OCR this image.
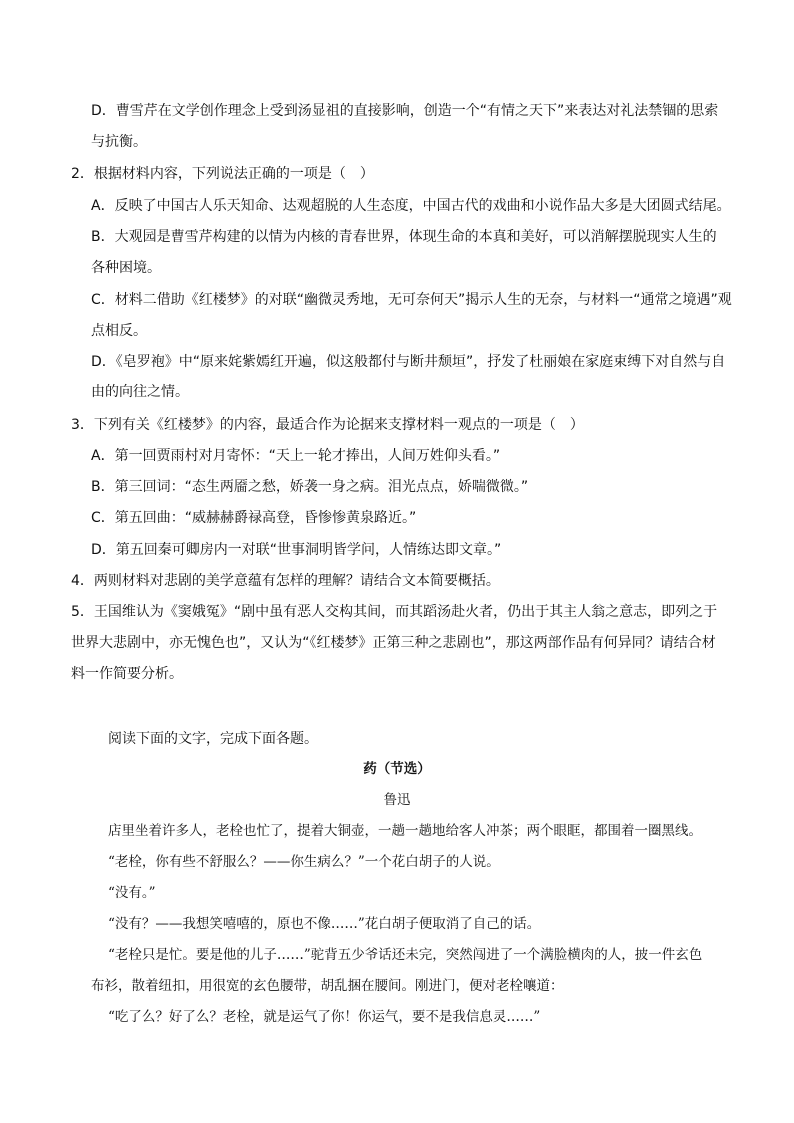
D．曹雪芹在文学创作理念上受到汤显祖的直接影响，创造一个“有情之天下”来表达对礼法禁锢的思索
与抗衡。
2．根据材料内容，下列说法正确的一项是（　）
A．反映了中国古人乐天知命、达观超脱的人生态度，中国古代的戏曲和小说作品大多是大团圆式结尾。
B．大观园是曹雪芹构建的以情为内核的青春世界，体现生命的本真和美好，可以消解摆脱现实人生的
各种困境。
C．材料二借助《红楼梦》的对联“幽微灵秀地，无可奈何天”揭示人生的无奈，与材料一“通常之境遇”观
点相反。
D．《皂罗袍》中“原来姹紫嫣红开遍，似这般都付与断井颓垣”，抒发了杜丽娘在家庭束缚下对自然与自
由的向往之情。
3．下列有关《红楼梦》的内容，最适合作为论据来支撑材料一观点的一项是（　）
A．第一回贾雨村对月寄怀：“天上一轮才捧出，人间万姓仰头看。”
B．第三回词：“态生两靥之愁，娇袭一身之病。泪光点点，娇喘微微。”
C．第五回曲：“威赫赫爵禄高登，昏惨惨黄泉路近。”
D．第五回秦可卿房内一对联“世事洞明皆学问，人情练达即文章。”
4．两则材料对悲剧的美学意蕴有怎样的理解？请结合文本简要概括。
5．王国维认为《窦娥冤》“剧中虽有恶人交构其间，而其蹈汤赴火者，仍出于其主人翁之意志，即列之于
世界大悲剧中，亦无愧色也”，又认为“《红楼梦》正第三种之悲剧也”，那这两部作品有何异同？请结合材
料一作简要分析。
阅读下面的文字，完成下面各题。
药（节选）
鲁迅
店里坐着许多人，老栓也忙了，提着大铜壶，一趟一趟地给客人冲茶；两个眼眶，都围着一圈黑线。
“老栓，你有些不舒服么？——你生病么？”一个花白胡子的人说。
“没有。”
“没有？——我想笑嘻嘻的，原也不像……”花白胡子便取消了自己的话。
“老栓只是忙。要是他的儿子……”驼背五少爷话还未完，突然闯进了一个满脸横肉的人，披一件玄色
布衫，散着纽扣，用很宽的玄色腰带，胡乱捆在腰间。刚进门，便对老栓嚷道：
“吃了么？好了么？老栓，就是运气了你！你运气，要不是我信息灵……”
